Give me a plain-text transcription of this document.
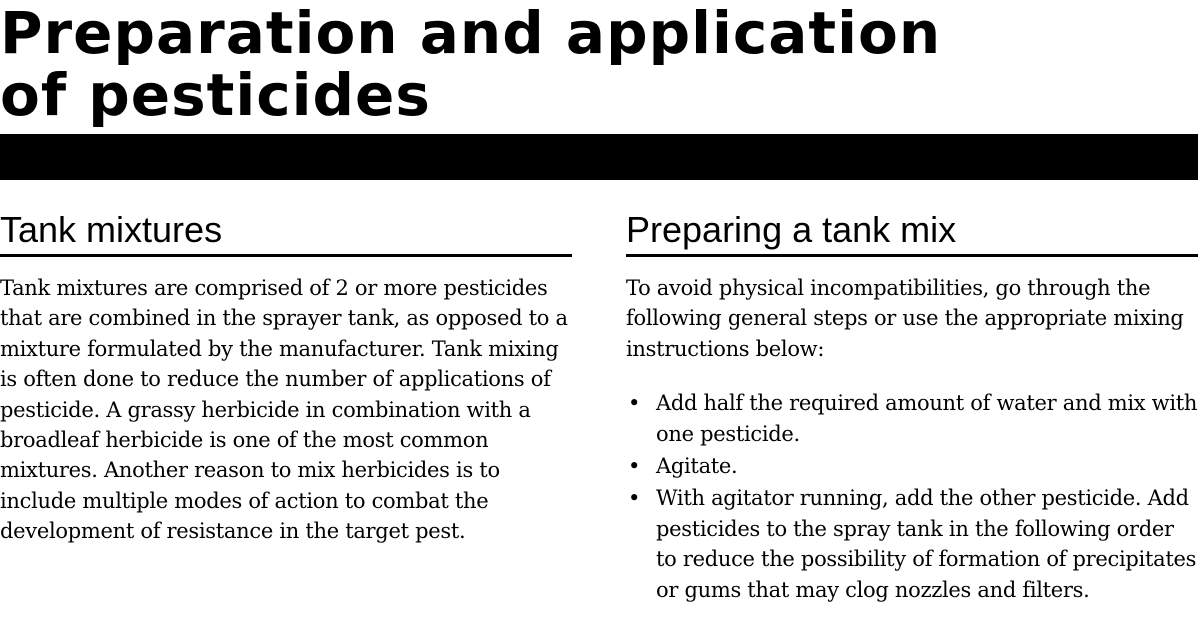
Preparation and application
of pesticides
Tank mixtures

Tank mixtures are comprised of 2 or more pesticides that are combined in the sprayer tank, as opposed to a mixture formulated by the manufacturer. Tank mixing is often done to reduce the number of applications of pesticide. A grassy herbicide in combination with a broadleaf herbicide is one of the most common mixtures. Another reason to mix herbicides is to include multiple modes of action to combat the development of resistance in the target pest.

Preparing a tank mix

To avoid physical incompatibilities, go through the following general steps or use the appropriate mixing instructions below:

• Add half the required amount of water and mix with one pesticide.
• Agitate.
• With agitator running, add the other pesticide. Add pesticides to the spray tank in the following order to reduce the possibility of formation of precipitates or gums that may clog nozzles and filters.
